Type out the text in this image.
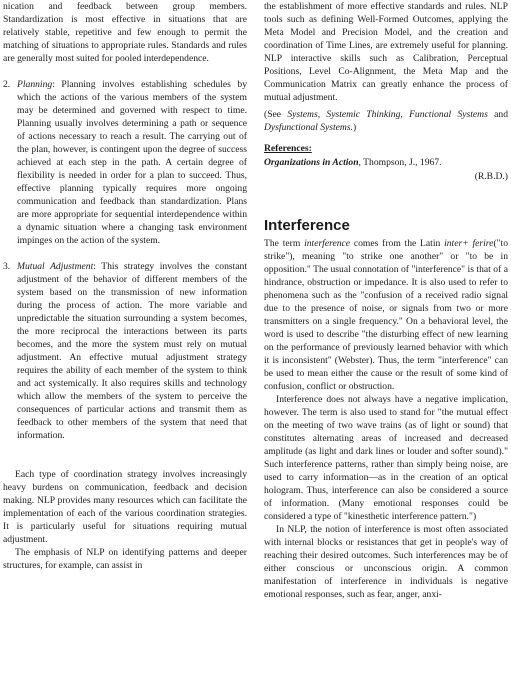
nication and feedback between group members. Standardization is most effective in situations that are relatively stable, repetitive and few enough to permit the matching of situations to appropriate rules. Standards and rules are generally most suited for pooled interdependence.

2. Planning: Planning involves establishing schedules by which the actions of the various members of the system may be determined and governed with respect to time. Planning usually involves determining a path or sequence of actions necessary to reach a result. The carrying out of the plan, however, is contingent upon the degree of success achieved at each step in the path. A certain degree of flexibility is needed in order for a plan to succeed. Thus, effective planning typically requires more ongoing communication and feedback than standardization. Plans are more appropriate for sequential interdependence within a dynamic situation where a changing task environment impinges on the action of the system.

3. Mutual Adjustment: This strategy involves the constant adjustment of the behavior of different members of the system based on the transmission of new information during the process of action. The more variable and unpredictable the situation surrounding a system becomes, the more reciprocal the interactions between its parts becomes, and the more the system must rely on mutual adjustment. An effective mutual adjustment strategy requires the ability of each member of the system to think and act systemically. It also requires skills and technology which allow the members of the system to perceive the consequences of particular actions and transmit them as feedback to other members of the system that need that information.

Each type of coordination strategy involves increasingly heavy burdens on communication, feedback and decision making. NLP provides many resources which can facilitate the implementation of each of the various coordination strategies. It is particularly useful for situations requiring mutual adjustment.

The emphasis of NLP on identifying patterns and deeper structures, for example, can assist in

the establishment of more effective standards and rules. NLP tools such as defining Well-Formed Outcomes, applying the Meta Model and Precision Model, and the creation and coordination of Time Lines, are extremely useful for planning. NLP interactive skills such as Calibration, Perceptual Positions, Level Co-Alignment, the Meta Map and the Communication Matrix can greatly enhance the process of mutual adjustment.

(See Systems, Systemic Thinking, Functional Systems and Dysfunctional Systems.)

References:

Organizations in Action, Thompson, J., 1967.

(R.B.D.)

Interference

The term interference comes from the Latin inter+ ferire("to strike"), meaning "to strike one another" or "to be in opposition." The usual connotation of "interference" is that of a hindrance, obstruction or impedance. It is also used to refer to phenomena such as the "confusion of a received radio signal due to the presence of noise, or signals from two or more transmitters on a single frequency." On a behavioral level, the word is used to describe "the disturbing effect of new learning on the performance of previously learned behavior with which it is inconsistent" (Webster). Thus, the term "interference" can be used to mean either the cause or the result of some kind of confusion, conflict or obstruction.

Interference does not always have a negative implication, however. The term is also used to stand for "the mutual effect on the meeting of two wave trains (as of light or sound) that constitutes alternating areas of increased and decreased amplitude (as light and dark lines or louder and softer sound)." Such interference patterns, rather than simply being noise, are used to carry information—as in the creation of an optical hologram. Thus, interference can also be considered a source of information. (Many emotional responses could be considered a type of "kinesthetic interference pattern.")

In NLP, the notion of interference is most often associated with internal blocks or resistances that get in people's way of reaching their desired outcomes. Such interferences may be of either conscious or unconscious origin. A common manifestation of interference in individuals is negative emotional responses, such as fear, anger, anxi-
